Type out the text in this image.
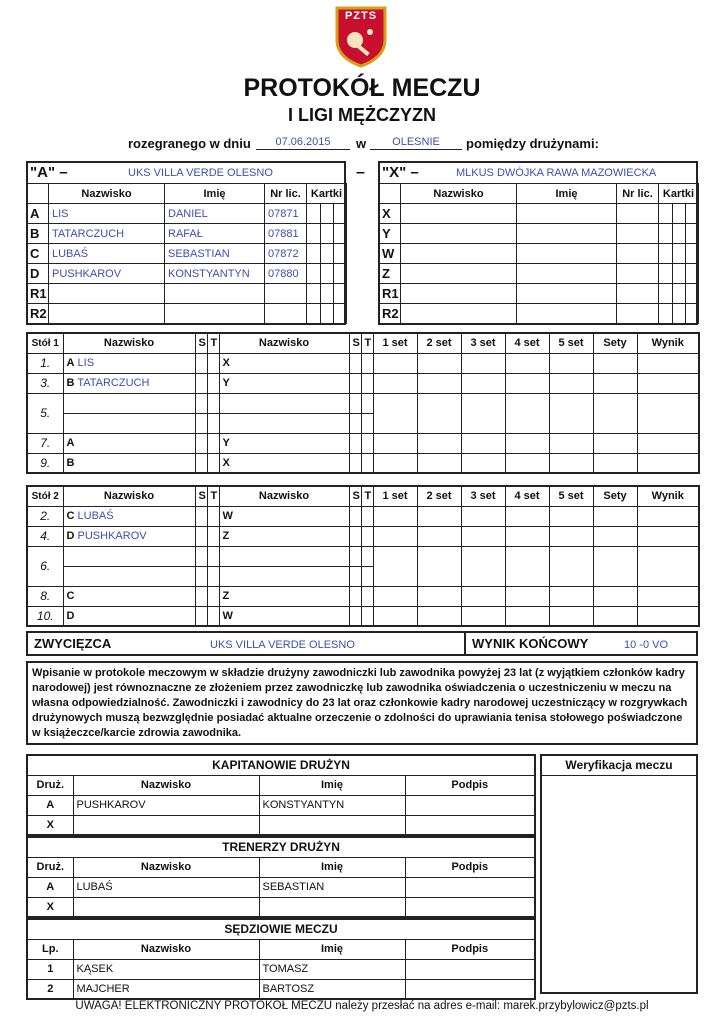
PZTS
PROTOKÓŁ MECZU
I LIGI MĘŻCZYZN
rozegranego w dniu	07.06.2015	w	OLESNIE	pomiędzy drużynami:
"A" –	UKS VILLA VERDE OLESNO
	Nazwisko	Imię	Nr lic.	Kartki		
A	LIS	DANIEL	07871			
B	TATARCZUCH	RAFAŁ	07881			
C	LUBAŚ	SEBASTIAN	07872			
D	PUSHKAROV	KONSTYANTYN	07880			
R1						
R2						
– "X" –	MLKUS DWÓJKA RAWA MAZOWIECKA
	Nazwisko	Imię	Nr lic.	Kartki		
X						
Y						
W						
Z						
R1						
R2						
Stół 1	Nazwisko	S	T	Nazwisko	S	T	1 set	2 set	3 set	4 set	5 set	Sety	Wynik
1.	A LIS			X									
3.	B TATARCZUCH			Y									
5.													

7.	A			Y									
9.	B			X									
Stół 2	Nazwisko	S	T	Nazwisko	S	T	1 set	2 set	3 set	4 set	5 set	Sety	Wynik
2.	C LUBAŚ			W									
4.	D PUSHKAROV			Z									
6.													

8.	C			Z									
10.	D			W									
ZWYCIĘZCA	UKS VILLA VERDE OLESNO	WYNIK KOŃCOWY	10 -0 VO
Wpisanie w protokole meczowym w składzie drużyny zawodniczki lub zawodnika powyżej 23 lat (z wyjątkiem członków kadry narodowej) jest równoznaczne ze złożeniem przez zawodniczkę lub zawodnika oświadczenia o uczestniczeniu w meczu na własna odpowiedzialność. Zawodniczki i zawodnicy do 23 lat oraz członkowie kadry narodowej uczestniczący w rozgrywkach drużynowych muszą bezwzględnie posiadać aktualne orzeczenie o zdolności do uprawiania tenisa stołowego poświadczone w książeczce/karcie zdrowia zawodnika.
KAPITANOWIE DRUŻYN			
Druż.	Nazwisko	Imię	Podpis
A	PUSHKAROV	KONSTYANTYN	
X			
TRENERZY DRUŻYN			
Druż.	Nazwisko	Imię	Podpis
A	LUBAŚ	SEBASTIAN	
X			
SĘDZIOWIE MECZU			
Lp.	Nazwisko	Imię	Podpis
1	KĄSEK	TOMASZ	
2	MAJCHER	BARTOSZ	
Weryfikacja meczu
UWAGA! ELEKTRONICZNY PROTOKÓŁ MECZU należy przesłać na adres e-mail: marek.przybylowicz@pzts.pl
